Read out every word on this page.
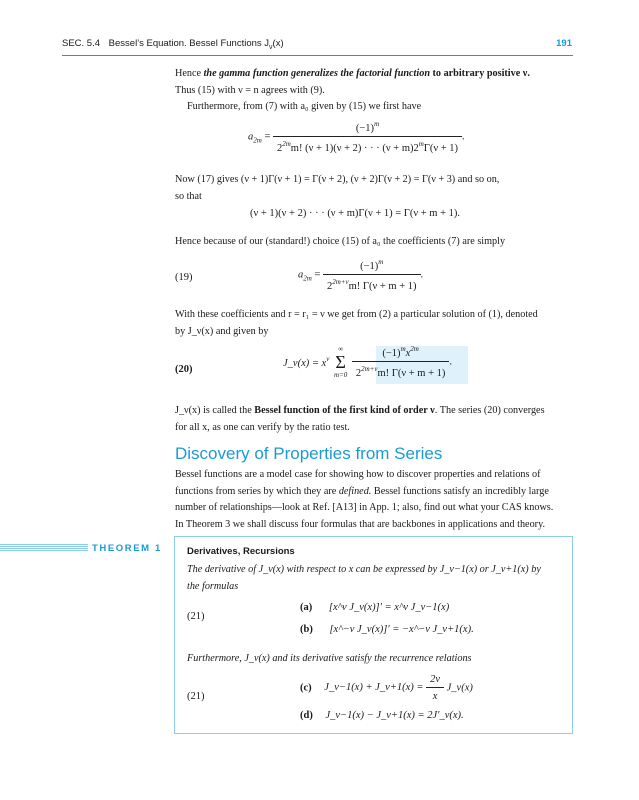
SEC. 5.4 Bessel’s Equation. Bessel Functions $J_\nu(x)$	191
Hence the gamma function generalizes the factorial function to arbitrary positive ν.
Thus (15) with ν = n agrees with (9).
Furthermore, from (7) with a₀ given by (15) we first have
$a_{2m} = \frac{(-1)^m}{2^{2m}m! (\nu + 1)(\nu + 2) \cdot \cdot \cdot (\nu + m)2^m\Gamma(\nu + 1)}$ .
Now (17) gives (ν + 1)Γ(ν + 1) = Γ(ν + 2), (ν + 2)Γ(ν + 2) = Γ(ν + 3) and so on,
so that
(ν + 1)(ν + 2) · · · (ν + m)Γ(ν + 1) = Γ(ν + m + 1).
Hence because of our (standard!) choice (15) of a₀ the coefficients (7) are simply
(19)	$a_{2m} = \frac{(-1)^m}{2^{2m+\nu}m! \Gamma(\nu + m + 1)}$ .
With these coefficients and r = r₁ = ν we get from (2) a particular solution of (1), denoted
by J_ν(x) and given by
(20)
J_ν(x) = $x^\nu$
∞
Σ
m=0
$\frac{(-1)^mx^{2m}}{2^{2m+\nu}m! \Gamma(\nu + m + 1)}$ .
J_ν(x) is called the Bessel function of the first kind of order ν. The series (20) converges
for all x, as one can verify by the ratio test.
Discovery of Properties from Series
Bessel functions are a model case for showing how to discover properties and relations of
functions from series by which they are defined. Bessel functions satisfy an incredibly large
number of relationships—look at Ref. [A13] in App. 1; also, find out what your CAS knows.
In Theorem 3 we shall discuss four formulas that are backbones in applications and theory.
THEOREM 1	Derivatives, Recursions
The derivative of J_ν(x) with respect to x can be expressed by J_ν−1(x) or J_ν+1(x) by
the formulas
(21)
(a) [x^ν J_ν(x)]′ = x^ν J_ν−1(x)
(b) [x^−ν J_ν(x)]′ = −x^−ν J_ν+1(x).
Furthermore, J_ν(x) and its derivative satisfy the recurrence relations
(21)
(c) J_ν−1(x) + J_ν+1(x) = $\frac{2\nu}{x}$ J_ν(x)
(d) J_ν−1(x) − J_ν+1(x) = 2J′_ν(x).
